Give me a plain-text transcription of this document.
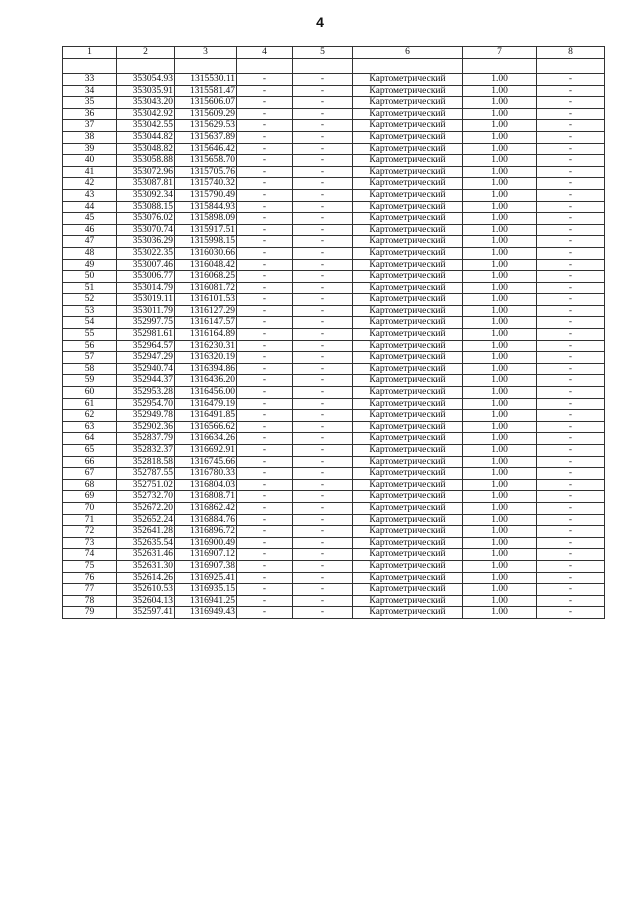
4
1	2	3	4	5	6	7	8

33	353054.93	1315530.11	-	-	Картометрический	1.00	-
34	353035.91	1315581.47	-	-	Картометрический	1.00	-
35	353043.20	1315606.07	-	-	Картометрический	1.00	-
36	353042.92	1315609.29	-	-	Картометрический	1.00	-
37	353042.55	1315629.53	-	-	Картометрический	1.00	-
38	353044.82	1315637.89	-	-	Картометрический	1.00	-
39	353048.82	1315646.42	-	-	Картометрический	1.00	-
40	353058.88	1315658.70	-	-	Картометрический	1.00	-
41	353072.96	1315705.76	-	-	Картометрический	1.00	-
42	353087.81	1315740.32	-	-	Картометрический	1.00	-
43	353092.34	1315790.49	-	-	Картометрический	1.00	-
44	353088.15	1315844.93	-	-	Картометрический	1.00	-
45	353076.02	1315898.09	-	-	Картометрический	1.00	-
46	353070.74	1315917.51	-	-	Картометрический	1.00	-
47	353036.29	1315998.15	-	-	Картометрический	1.00	-
48	353022.35	1316030.66	-	-	Картометрический	1.00	-
49	353007.46	1316048.42	-	-	Картометрический	1.00	-
50	353006.77	1316068.25	-	-	Картометрический	1.00	-
51	353014.79	1316081.72	-	-	Картометрический	1.00	-
52	353019.11	1316101.53	-	-	Картометрический	1.00	-
53	353011.79	1316127.29	-	-	Картометрический	1.00	-
54	352997.75	1316147.57	-	-	Картометрический	1.00	-
55	352981.61	1316164.89	-	-	Картометрический	1.00	-
56	352964.57	1316230.31	-	-	Картометрический	1.00	-
57	352947.29	1316320.19	-	-	Картометрический	1.00	-
58	352940.74	1316394.86	-	-	Картометрический	1.00	-
59	352944.37	1316436.20	-	-	Картометрический	1.00	-
60	352953.28	1316456.00	-	-	Картометрический	1.00	-
61	352954.70	1316479.19	-	-	Картометрический	1.00	-
62	352949.78	1316491.85	-	-	Картометрический	1.00	-
63	352902.36	1316566.62	-	-	Картометрический	1.00	-
64	352837.79	1316634.26	-	-	Картометрический	1.00	-
65	352832.37	1316692.91	-	-	Картометрический	1.00	-
66	352818.58	1316745.66	-	-	Картометрический	1.00	-
67	352787.55	1316780.33	-	-	Картометрический	1.00	-
68	352751.02	1316804.03	-	-	Картометрический	1.00	-
69	352732.70	1316808.71	-	-	Картометрический	1.00	-
70	352672.20	1316862.42	-	-	Картометрический	1.00	-
71	352652.24	1316884.76	-	-	Картометрический	1.00	-
72	352641.28	1316896.72	-	-	Картометрический	1.00	-
73	352635.54	1316900.49	-	-	Картометрический	1.00	-
74	352631.46	1316907.12	-	-	Картометрический	1.00	-
75	352631.30	1316907.38	-	-	Картометрический	1.00	-
76	352614.26	1316925.41	-	-	Картометрический	1.00	-
77	352610.53	1316935.15	-	-	Картометрический	1.00	-
78	352604.13	1316941.25	-	-	Картометрический	1.00	-
79	352597.41	1316949.43	-	-	Картометрический	1.00	-
